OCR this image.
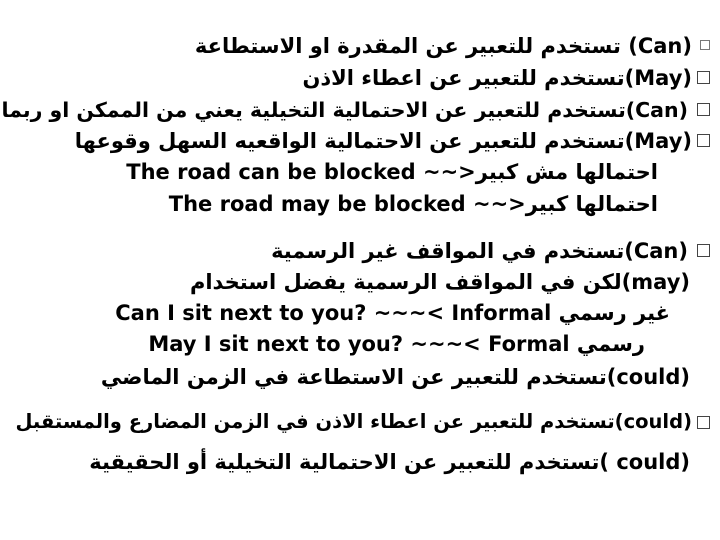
(Can) تستخدم للتعبير عن المقدرة او الاستطاعة
(May)تستخدم للتعبير عن اعطاء الاذن
(Can)تستخدم للتعبير عن الاحتمالية التخيلية يعني من الممكن او ربما
(May)تستخدم للتعبير عن الاحتمالية الواقعيه السهل وقوعها
The road can be blocked ~~>احتمالها مش كبير
The road may be blocked ~~>احتمالها كبير
(Can)تستخدم في المواقف غير الرسمية
(may)لكن في المواقف الرسمية يفضل استخدام
Can I sit next to you? ~~~< Informal غير رسمي
May I sit next to you? ~~~< Formal رسمي
(could)تستخدم للتعبير عن الاستطاعة في الزمن الماضي
(could)تستخدم للتعبير عن اعطاء الاذن في الزمن المضارع والمستقبل
(could )تستخدم للتعبير عن الاحتمالية التخيلية أو الحقيقية
